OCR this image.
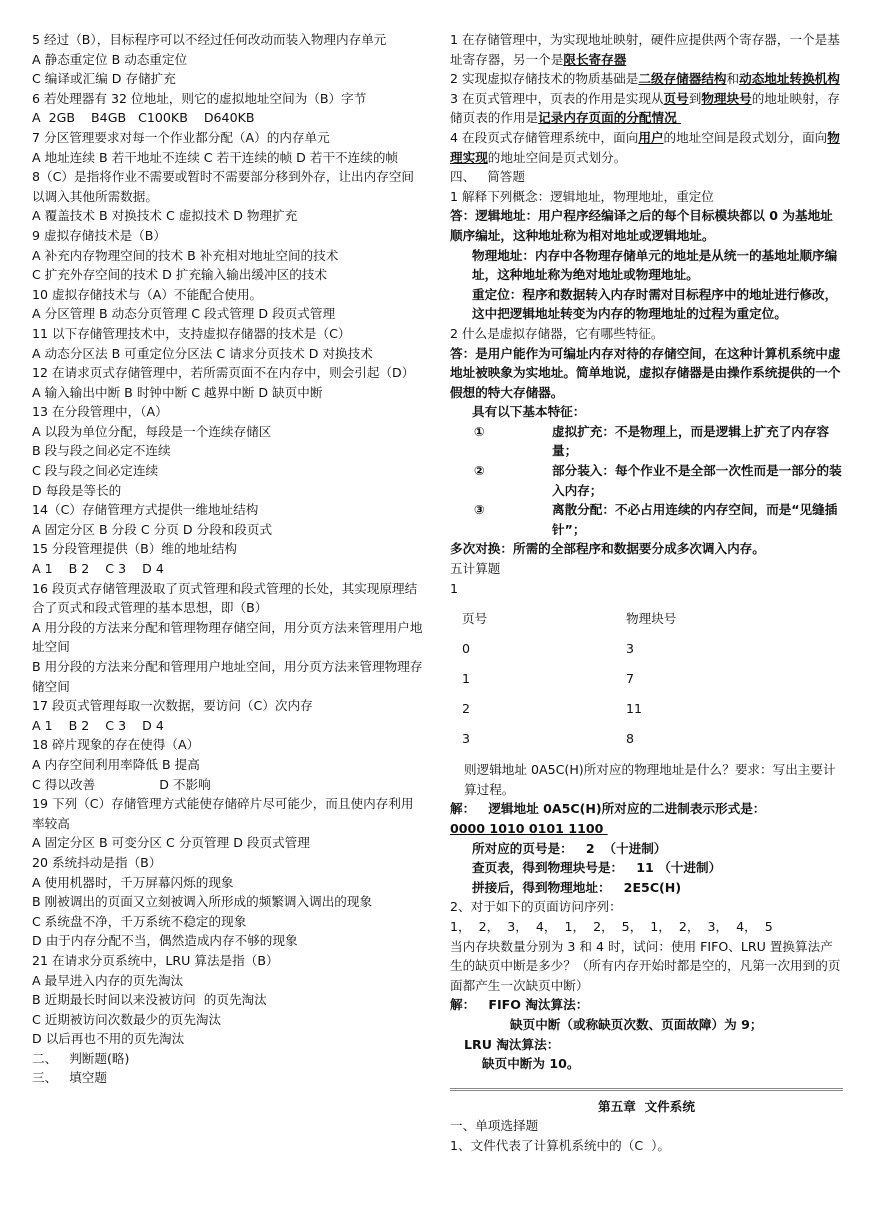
5 经过（B），目标程序可以不经过任何改动而装入物理内存单元

A 静态重定位 B 动态重定位

C 编译或汇编 D 存储扩充

6 若处理器有 32 位地址，则它的虚拟地址空间为（B）字节

A  2GB    B4GB   C100KB    D640KB

7 分区管理要求对每一个作业都分配（A）的内存单元

A 地址连续 B 若干地址不连续 C 若干连续的帧 D 若干不连续的帧

8（C）是指将作业不需要或暂时不需要部分移到外存，让出内存空间以调入其他所需数据。

A 覆盖技术 B 对换技术 C 虚拟技术 D 物理扩充

9 虚拟存储技术是（B）

A 补充内存物理空间的技术 B 补充相对地址空间的技术

C 扩充外存空间的技术 D 扩充输入输出缓冲区的技术

10 虚拟存储技术与（A）不能配合使用。

A 分区管理 B 动态分页管理 C 段式管理 D 段页式管理

11 以下存储管理技术中，支持虚拟存储器的技术是（C）

A 动态分区法 B 可重定位分区法 C 请求分页技术 D 对换技术

12 在请求页式存储管理中，若所需页面不在内存中，则会引起（D）

A 输入输出中断 B 时钟中断 C 越界中断 D 缺页中断

13 在分段管理中，（A）

A 以段为单位分配，每段是一个连续存储区

B 段与段之间必定不连续

C 段与段之间必定连续

D 每段是等长的

14（C）存储管理方式提供一维地址结构

A 固定分区 B 分段 C 分页 D 分段和段页式

15 分段管理提供（B）维的地址结构

A 1    B 2    C 3    D 4

16 段页式存储管理汲取了页式管理和段式管理的长处，其实现原理结合了页式和段式管理的基本思想，即（B）

A 用分段的方法来分配和管理物理存储空间，用分页方法来管理用户地址空间

B 用分段的方法来分配和管理用户地址空间，用分页方法来管理物理存储空间

17 段页式管理每取一次数据，要访问（C）次内存

A 1    B 2    C 3    D 4

18 碎片现象的存在使得（A）

A 内存空间利用率降低 B 提高

C 得以改善                D 不影响

19 下列（C）存储管理方式能使存储碎片尽可能少，而且使内存利用率较高

A 固定分区 B 可变分区 C 分页管理 D 段页式管理

20 系统抖动是指（B）

A 使用机器时，千万屏幕闪烁的现象

B 刚被调出的页面又立刻被调入所形成的频繁调入调出的现象

C 系统盘不净，千万系统不稳定的现象

D 由于内存分配不当，偶然造成内存不够的现象

21 在请求分页系统中，LRU 算法是指（B）

A 最早进入内存的页先淘汰

B 近期最长时间以来没被访问  的页先淘汰

C 近期被访问次数最少的页先淘汰

D 以后再也不用的页先淘汰

二、   判断题(略)

三、   填空题

1 在存储管理中，为实现地址映射，硬件应提供两个寄存器，一个是基址寄存器，另一个是限长寄存器

2 实现虚拟存储技术的物质基础是二级存储器结构和动态地址转换机构

3 在页式管理中，页表的作用是实现从页号到物理块号的地址映射，存储页表的作用是记录内存页面的分配情况

4 在段页式存储管理系统中，面向用户的地址空间是段式划分，面向物理实现的地址空间是页式划分。

四、   简答题

1 解释下列概念：逻辑地址，物理地址，重定位

答：逻辑地址：用户程序经编译之后的每个目标模块都以 0 为基地址顺序编址，这种地址称为相对地址或逻辑地址。

物理地址：内存中各物理存储单元的地址是从统一的基地址顺序编址，这种地址称为绝对地址或物理地址。

重定位：程序和数据转入内存时需对目标程序中的地址进行修改，这中把逻辑地址转变为内存的物理地址的过程为重定位。

2 什么是虚拟存储器，它有哪些特征。

答：是用户能作为可编址内存对待的存储空间，在这种计算机系统中虚地址被映象为实地址。简单地说，虚拟存储器是由操作系统提供的一个假想的特大存储器。

具有以下基本特征：

①	虚拟扩充：不是物理上，而是逻辑上扩充了内存容量；
②	部分装入：每个作业不是全部一次性而是一部分的装入内存；
③	离散分配：不必占用连续的内存空间，而是“见缝插针”；

多次对换：所需的全部程序和数据要分成多次调入内存。

五计算题

1

页号	物理块号
0	3
1	7
2	11
3	8

则逻辑地址 0A5C(H)所对应的物理地址是什么？要求：写出主要计算过程。

解：   逻辑地址 0A5C(H)所对应的二进制表示形式是：

0000 1010 0101 1100

所对应的页号是：   2  （十进制）

查页表，得到物理块号是：   11 （十进制）

拼接后，得到物理地址：   2E5C(H)

2、对于如下的页面访问序列：

1，  2，  3，  4，  1，  2，  5，  1，  2，  3，  4，  5

当内存块数量分别为 3 和 4 时，试问：使用 FIFO、LRU 置换算法产生的缺页中断是多少？（所有内存开始时都是空的，凡第一次用到的页面都产生一次缺页中断）

解：   FIFO 淘汰算法：

缺页中断（或称缺页次数、页面故障）为 9；

LRU 淘汰算法：

缺页中断为 10。

第五章  文件系统

一、单项选择题

1、文件代表了计算机系统中的（C  ）。
